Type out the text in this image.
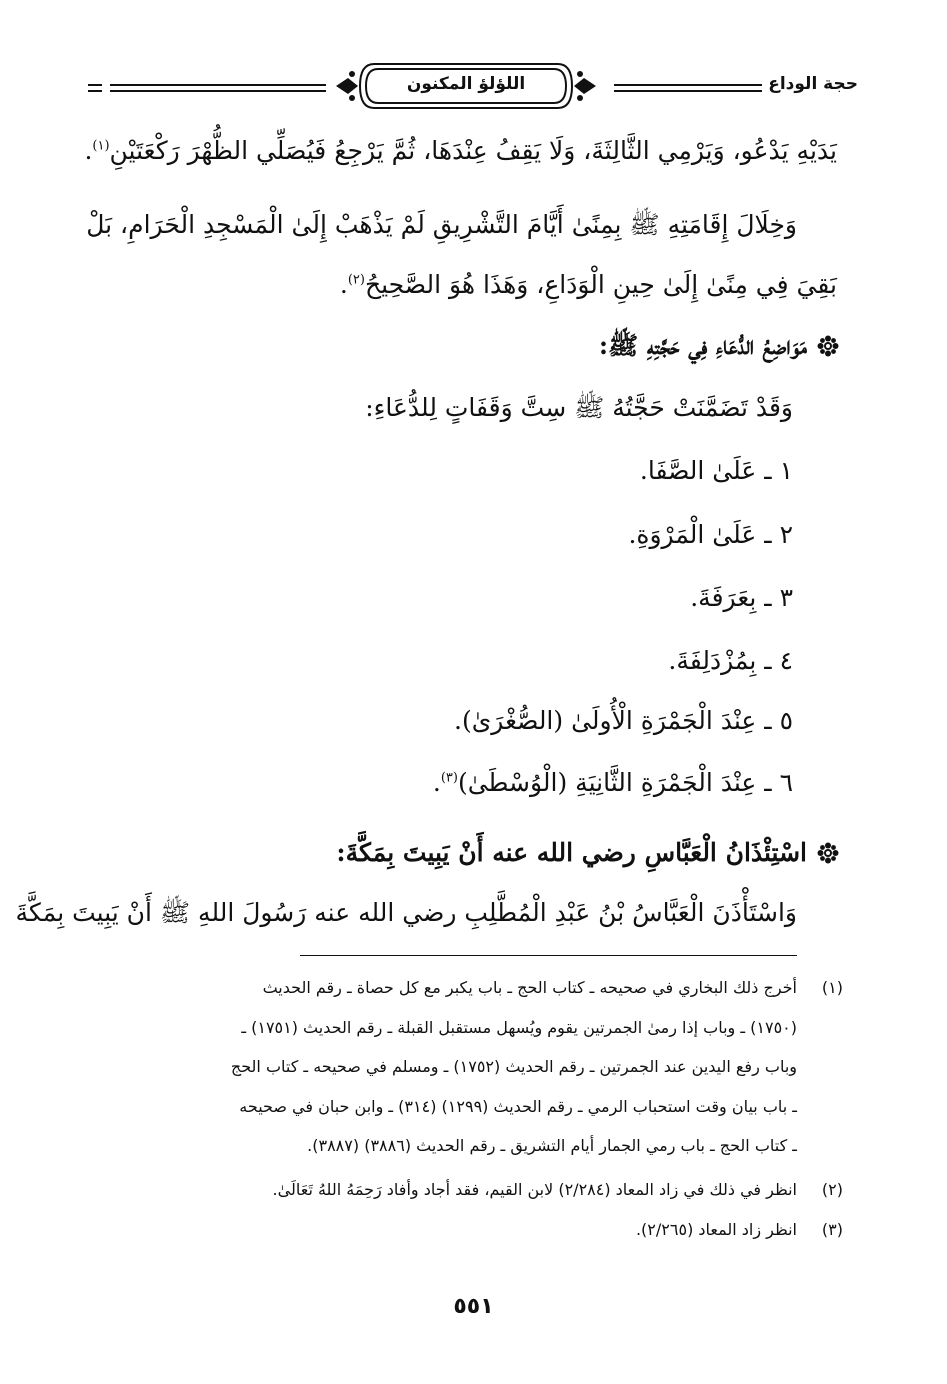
حجة الوداع
اللؤلؤ المكنون
يَدَيْهِ يَدْعُو، وَيَرْمِي الثَّالِثَةَ، وَلَا يَقِفُ عِنْدَهَا، ثُمَّ يَرْجِعُ فَيُصَلِّي الظُّهْرَ رَكْعَتَيْنِ$^{(١)}$.
وَخِلَالَ إِقَامَتِهِ ﷺ بِمِنًىٰ أَيَّامَ التَّشْرِيقِ لَمْ يَذْهَبْ إِلَىٰ الْمَسْجِدِ الْحَرَامِ، بَلْ
بَقِيَ فِي مِنًىٰ إِلَىٰ حِينِ الْوَدَاعِ، وَهَذَا هُوَ الصَّحِيحُ$^{(٢)}$.
مَوَاضِعُ الدُّعَاءِ فِي حَجَّتِهِ ﷺ:
وَقَدْ تَضَمَّنَتْ حَجَّتُهُ ﷺ سِتَّ وَقَفَاتٍ لِلدُّعَاءِ:
١ ـ عَلَىٰ الصَّفَا.
٢ ـ عَلَىٰ الْمَرْوَةِ.
٣ ـ بِعَرَفَةَ.
٤ ـ بِمُزْدَلِفَةَ.
٥ ـ عِنْدَ الْجَمْرَةِ الْأُولَىٰ (الصُّغْرَىٰ).
٦ ـ عِنْدَ الْجَمْرَةِ الثَّانِيَةِ (الْوُسْطَىٰ)$^{(٣)}$.
اسْتِئْذَانُ الْعَبَّاسِ رضي الله عنه أَنْ يَبِيتَ بِمَكَّةَ:
وَاسْتَأْذَنَ الْعَبَّاسُ بْنُ عَبْدِ الْمُطَّلِبِ رضي الله عنه رَسُولَ اللهِ ﷺ أَنْ يَبِيتَ بِمَكَّةَ
(١)
أخرج ذلك البخاري في صحيحه ـ كتاب الحج ـ باب يكبر مع كل حصاة ـ رقم الحديث
(١٧٥٠) ـ وباب إذا رمىٰ الجمرتين يقوم ويُسهل مستقبل القبلة ـ رقم الحديث (١٧٥١) ـ
وباب رفع اليدين عند الجمرتين ـ رقم الحديث (١٧٥٢) ـ ومسلم في صحيحه ـ كتاب الحج
ـ باب بيان وقت استحباب الرمي ـ رقم الحديث (١٢٩٩) (٣١٤) ـ وابن حبان في صحيحه
ـ كتاب الحج ـ باب رمي الجمار أيام التشريق ـ رقم الحديث (٣٨٨٦) (٣٨٨٧).
(٢)
انظر في ذلك في زاد المعاد (٢/٢٨٤) لابن القيم، فقد أجاد وأفاد رَحِمَهُ اللهُ تَعَالَىٰ.
(٣)
انظر زاد المعاد (٢/٢٦٥).
٥٥١
